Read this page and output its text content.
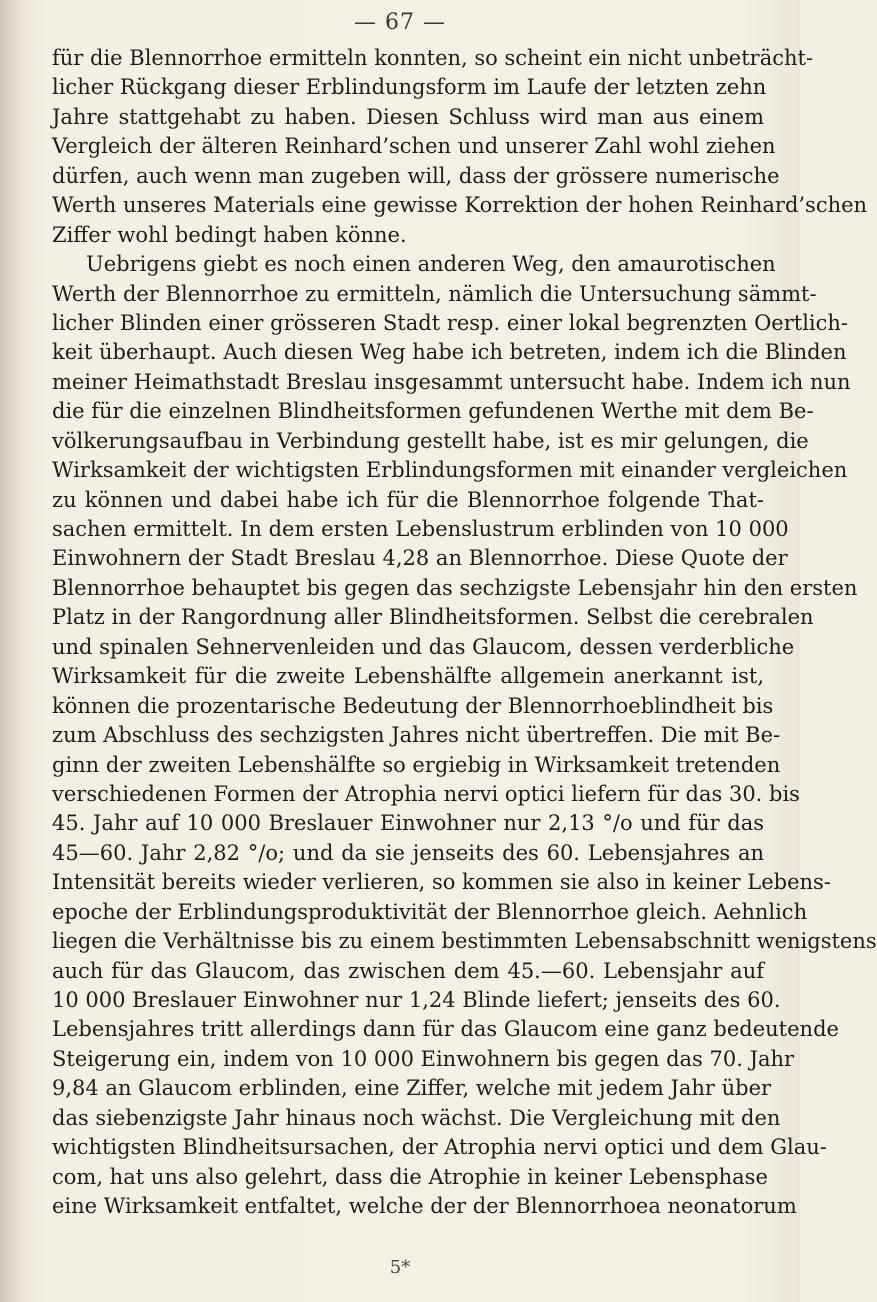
— 67 —
für die Blennorrhoe ermitteln konnten, so scheint ein nicht unbeträcht-
licher Rückgang dieser Erblindungsform im Laufe der letzten zehn
Jahre stattgehabt zu haben. Diesen Schluss wird man aus einem
Vergleich der älteren Reinhard’schen und unserer Zahl wohl ziehen
dürfen, auch wenn man zugeben will, dass der grössere numerische
Werth unseres Materials eine gewisse Korrektion der hohen Reinhard’schen
Ziffer wohl bedingt haben könne.
Uebrigens giebt es noch einen anderen Weg, den amaurotischen
Werth der Blennorrhoe zu ermitteln, nämlich die Untersuchung sämmt-
licher Blinden einer grösseren Stadt resp. einer lokal begrenzten Oertlich-
keit überhaupt. Auch diesen Weg habe ich betreten, indem ich die Blinden
meiner Heimathstadt Breslau insgesammt untersucht habe. Indem ich nun
die für die einzelnen Blindheitsformen gefundenen Werthe mit dem Be-
völkerungsaufbau in Verbindung gestellt habe, ist es mir gelungen, die
Wirksamkeit der wichtigsten Erblindungsformen mit einander vergleichen
zu können und dabei habe ich für die Blennorrhoe folgende That-
sachen ermittelt. In dem ersten Lebenslustrum erblinden von 10 000
Einwohnern der Stadt Breslau 4,28 an Blennorrhoe. Diese Quote der
Blennorrhoe behauptet bis gegen das sechzigste Lebensjahr hin den ersten
Platz in der Rangordnung aller Blindheitsformen. Selbst die cerebralen
und spinalen Sehnervenleiden und das Glaucom, dessen verderbliche
Wirksamkeit für die zweite Lebenshälfte allgemein anerkannt ist,
können die prozentarische Bedeutung der Blennorrhoeblindheit bis
zum Abschluss des sechzigsten Jahres nicht übertreffen. Die mit Be-
ginn der zweiten Lebenshälfte so ergiebig in Wirksamkeit tretenden
verschiedenen Formen der Atrophia nervi optici liefern für das 30. bis
45. Jahr auf 10 000 Breslauer Einwohner nur 2,13 °/o und für das
45—60. Jahr 2,82 °/o; und da sie jenseits des 60. Lebensjahres an
Intensität bereits wieder verlieren, so kommen sie also in keiner Lebens-
epoche der Erblindungsproduktivität der Blennorrhoe gleich. Aehnlich
liegen die Verhältnisse bis zu einem bestimmten Lebensabschnitt wenigstens
auch für das Glaucom, das zwischen dem 45.—60. Lebensjahr auf
10 000 Breslauer Einwohner nur 1,24 Blinde liefert; jenseits des 60.
Lebensjahres tritt allerdings dann für das Glaucom eine ganz bedeutende
Steigerung ein, indem von 10 000 Einwohnern bis gegen das 70. Jahr
9,84 an Glaucom erblinden, eine Ziffer, welche mit jedem Jahr über
das siebenzigste Jahr hinaus noch wächst. Die Vergleichung mit den
wichtigsten Blindheitsursachen, der Atrophia nervi optici und dem Glau-
com, hat uns also gelehrt, dass die Atrophie in keiner Lebensphase
eine Wirksamkeit entfaltet, welche der der Blennorrhoea neonatorum
5*
